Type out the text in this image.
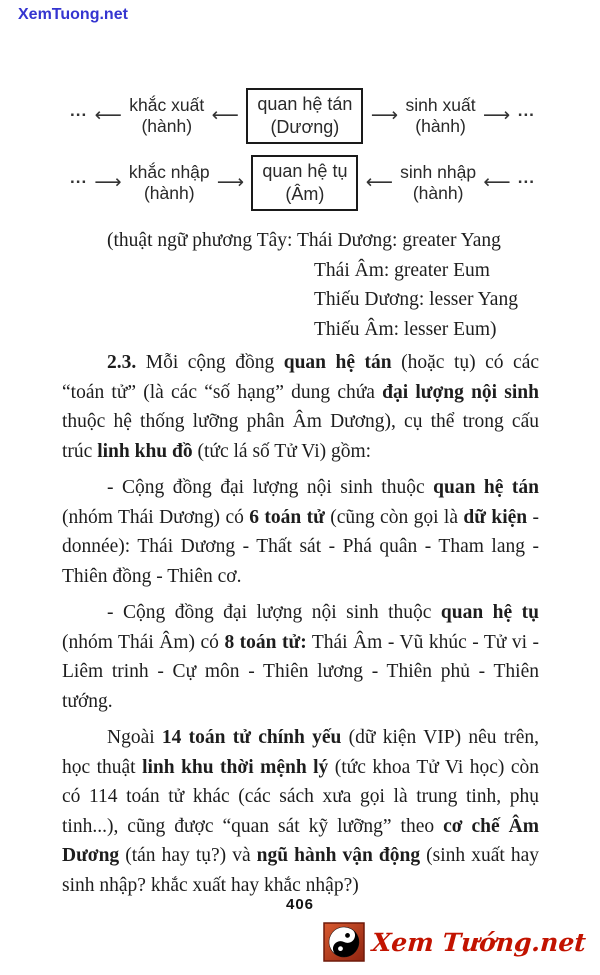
XemTuong.net
... ⟵ khắc xuất
(hành)	⟵ quan hệ tán
(Dương)
⟶ sinh xuất
(hành) ⟶ ...
... ⟶ khắc nhập
(hành)	⟶ quan hệ tụ
(Âm)
⟵ sinh nhập
(hành)	⟵ ...
(thuật ngữ phương Tây: Thái Dương: greater Yang
Thái Âm: greater Eum
Thiếu Dương: lesser Yang
Thiếu Âm: lesser Eum)

2.3. Mỗi cộng đồng quan hệ tán (hoặc tụ) có các “toán tử” (là các “số hạng” dung chứa đại lượng nội sinh thuộc hệ thống lưỡng phân Âm Dương), cụ thể trong cấu trúc linh khu đồ (tức lá số Tử Vi) gồm:

- Cộng đồng đại lượng nội sinh thuộc quan hệ tán (nhóm Thái Dương) có 6 toán tử (cũng còn gọi là dữ kiện - donnée): Thái Dương - Thất sát - Phá quân - Tham lang - Thiên đồng - Thiên cơ.

- Cộng đồng đại lượng nội sinh thuộc quan hệ tụ (nhóm Thái Âm) có 8 toán tử: Thái Âm - Vũ khúc - Tử vi - Liêm trinh - Cự môn - Thiên lương - Thiên phủ - Thiên tướng.

Ngoài 14 toán tử chính yếu (dữ kiện VIP) nêu trên, học thuật linh khu thời mệnh lý (tức khoa Tử Vi học) còn có 114 toán tử khác (các sách xưa gọi là trung tinh, phụ tinh...), cũng được “quan sát kỹ lưỡng” theo cơ chế Âm Dương (tán hay tụ?) và ngũ hành vận động (sinh xuất hay sinh nhập? khắc xuất hay khắc nhập?)

406
Xem Tướng.net
